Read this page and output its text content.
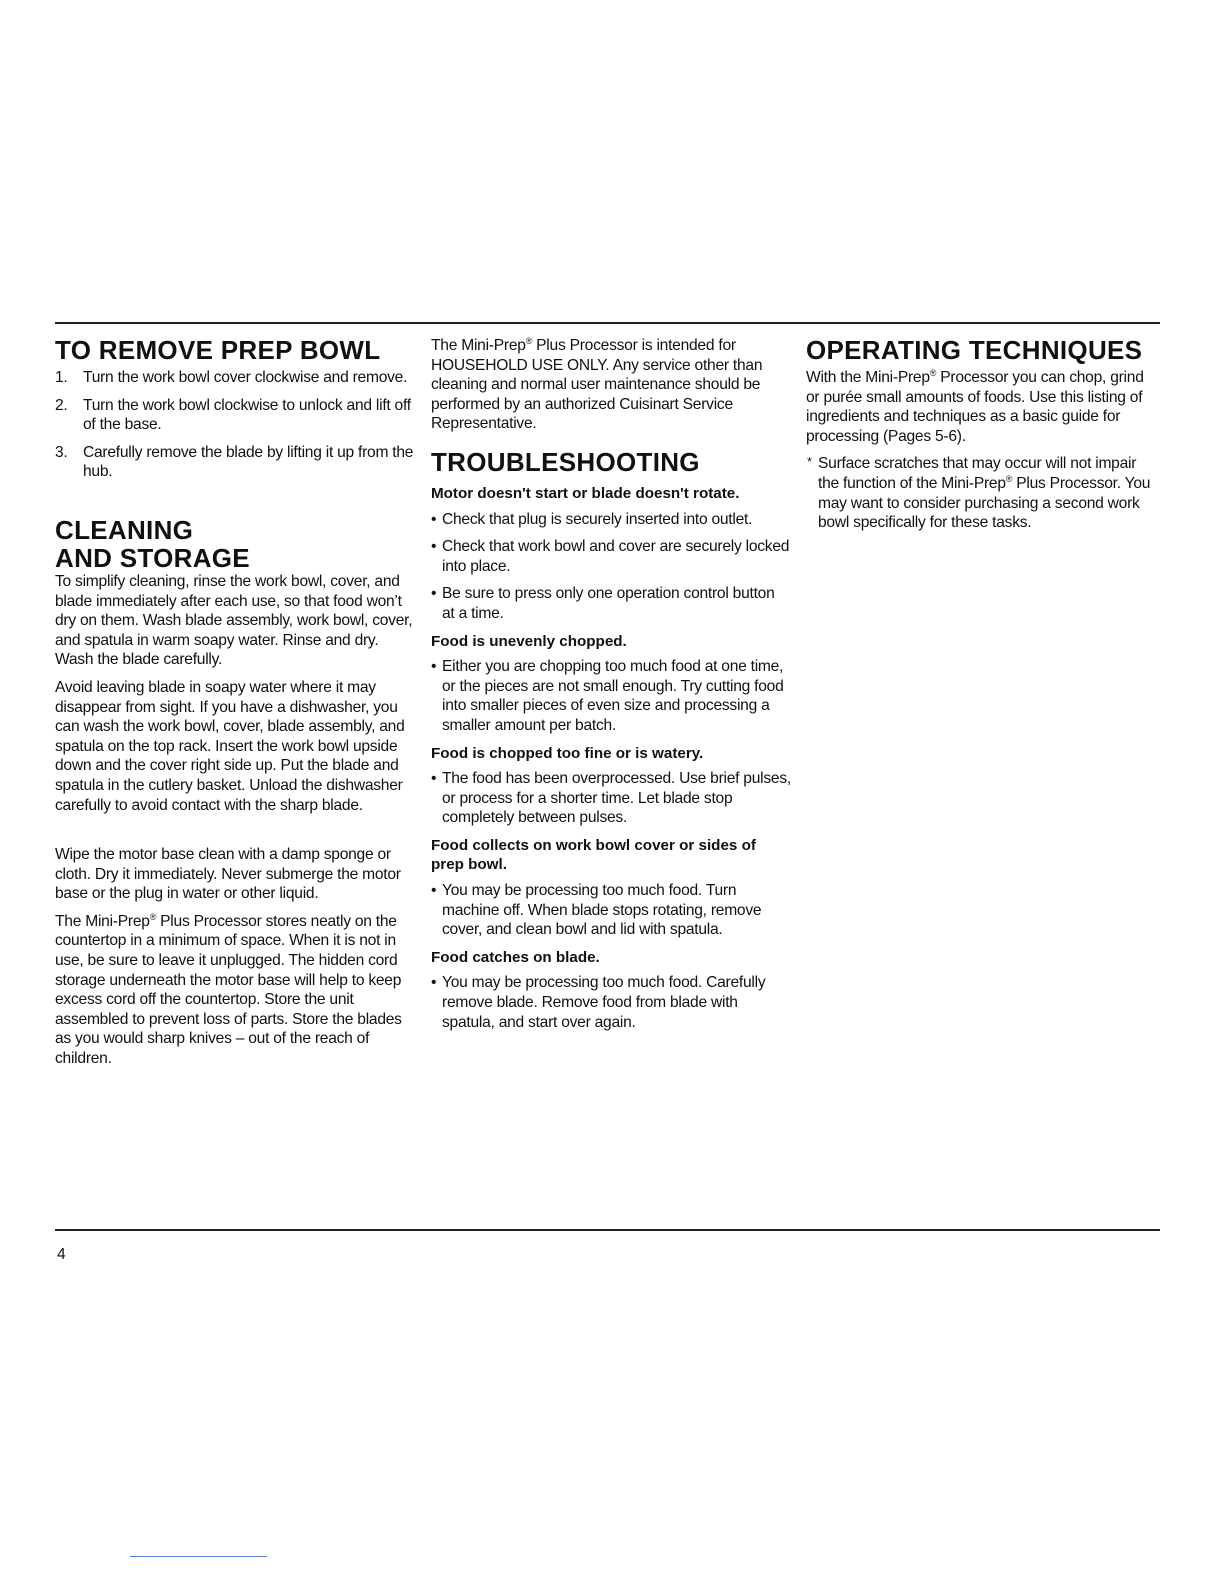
TO REMOVE PREP BOWL
1. Turn the work bowl cover clockwise and remove.
2. Turn the work bowl clockwise to unlock and lift off of the base.
3. Carefully remove the blade by lifting it up from the hub.
CLEANING
AND STORAGE

To simplify cleaning, rinse the work bowl, cover, and blade immediately after each use, so that food won’t dry on them. Wash blade assembly, work bowl, cover, and spatula in warm soapy water. Rinse and dry. Wash the blade carefully.

Avoid leaving blade in soapy water where it may disappear from sight. If you have a dishwasher, you can wash the work bowl, cover, blade assembly, and spatula on the top rack. Insert the work bowl upside down and the cover right side up. Put the blade and spatula in the cutlery basket. Unload the dishwasher carefully to avoid contact with the sharp blade.

Wipe the motor base clean with a damp sponge or cloth. Dry it immediately. Never submerge the motor base or the plug in water or other liquid.

The Mini-Prep® Plus Processor stores neatly on the countertop in a minimum of space. When it is not in use, be sure to leave it unplugged. The hidden cord storage underneath the motor base will help to keep excess cord off the countertop. Store the unit assembled to prevent loss of parts. Store the blades as you would sharp knives – out of the reach of children.

The Mini-Prep® Plus Processor is intended for HOUSEHOLD USE ONLY. Any service other than cleaning and normal user maintenance should be performed by an authorized Cuisinart Service Representative.

TROUBLESHOOTING
Motor doesn't start or blade doesn't rotate.
• Check that plug is securely inserted into outlet.
• Check that work bowl and cover are securely locked into place.
• Be sure to press only one operation control button at a time.
Food is unevenly chopped.
• Either you are chopping too much food at one time, or the pieces are not small enough. Try cutting food into smaller pieces of even size and processing a smaller amount per batch.
Food is chopped too fine or is watery.
• The food has been overprocessed. Use brief pulses, or process for a shorter time. Let blade stop completely between pulses.
Food collects on work bowl cover or sides of prep bowl.
• You may be processing too much food. Turn machine off. When blade stops rotating, remove cover, and clean bowl and lid with spatula.
Food catches on blade.
• You may be processing too much food. Carefully remove blade. Remove food from blade with spatula, and start over again.
OPERATING TECHNIQUES

With the Mini-Prep® Processor you can chop, grind or purée small amounts of foods. Use this listing of ingredients and techniques as a basic guide for processing (Pages 5-6).

* Surface scratches that may occur will not impair the function of the Mini-Prep® Plus Processor. You may want to consider purchasing a second work bowl specifically for these tasks.

4
